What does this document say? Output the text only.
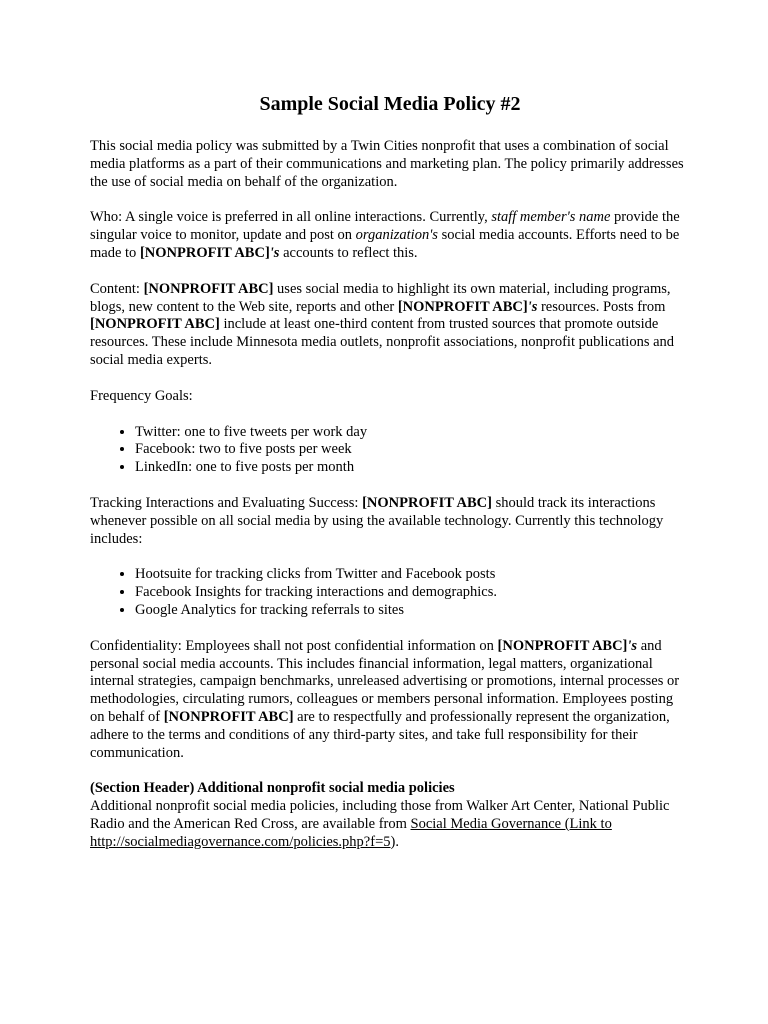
Sample Social Media Policy #2

This social media policy was submitted by a Twin Cities nonprofit that uses a combination of social media platforms as a part of their communications and marketing plan. The policy primarily addresses the use of social media on behalf of the organization.

Who: A single voice is preferred in all online interactions. Currently, staff member's name provide the singular voice to monitor, update and post on organization's social media accounts. Efforts need to be made to [NONPROFIT ABC]'s accounts to reflect this.

Content: [NONPROFIT ABC] uses social media to highlight its own material, including programs, blogs, new content to the Web site, reports and other [NONPROFIT ABC]'s resources. Posts from [NONPROFIT ABC] include at least one-third content from trusted sources that promote outside resources. These include Minnesota media outlets, nonprofit associations, nonprofit publications and social media experts.

Frequency Goals:

• Twitter: one to five tweets per work day
• Facebook: two to five posts per week
• LinkedIn: one to five posts per month

Tracking Interactions and Evaluating Success: [NONPROFIT ABC] should track its interactions whenever possible on all social media by using the available technology. Currently this technology includes:

• Hootsuite for tracking clicks from Twitter and Facebook posts
• Facebook Insights for tracking interactions and demographics.
• Google Analytics for tracking referrals to sites

Confidentiality: Employees shall not post confidential information on [NONPROFIT ABC]'s and personal social media accounts. This includes financial information, legal matters, organizational internal strategies, campaign benchmarks, unreleased advertising or promotions, internal processes or methodologies, circulating rumors, colleagues or members personal information. Employees posting on behalf of [NONPROFIT ABC] are to respectfully and professionally represent the organization, adhere to the terms and conditions of any third-party sites, and take full responsibility for their communication.

(Section Header) Additional nonprofit social media policies
Additional nonprofit social media policies, including those from Walker Art Center, National Public Radio and the American Red Cross, are available from Social Media Governance (Link to http://socialmediagovernance.com/policies.php?f=5).
